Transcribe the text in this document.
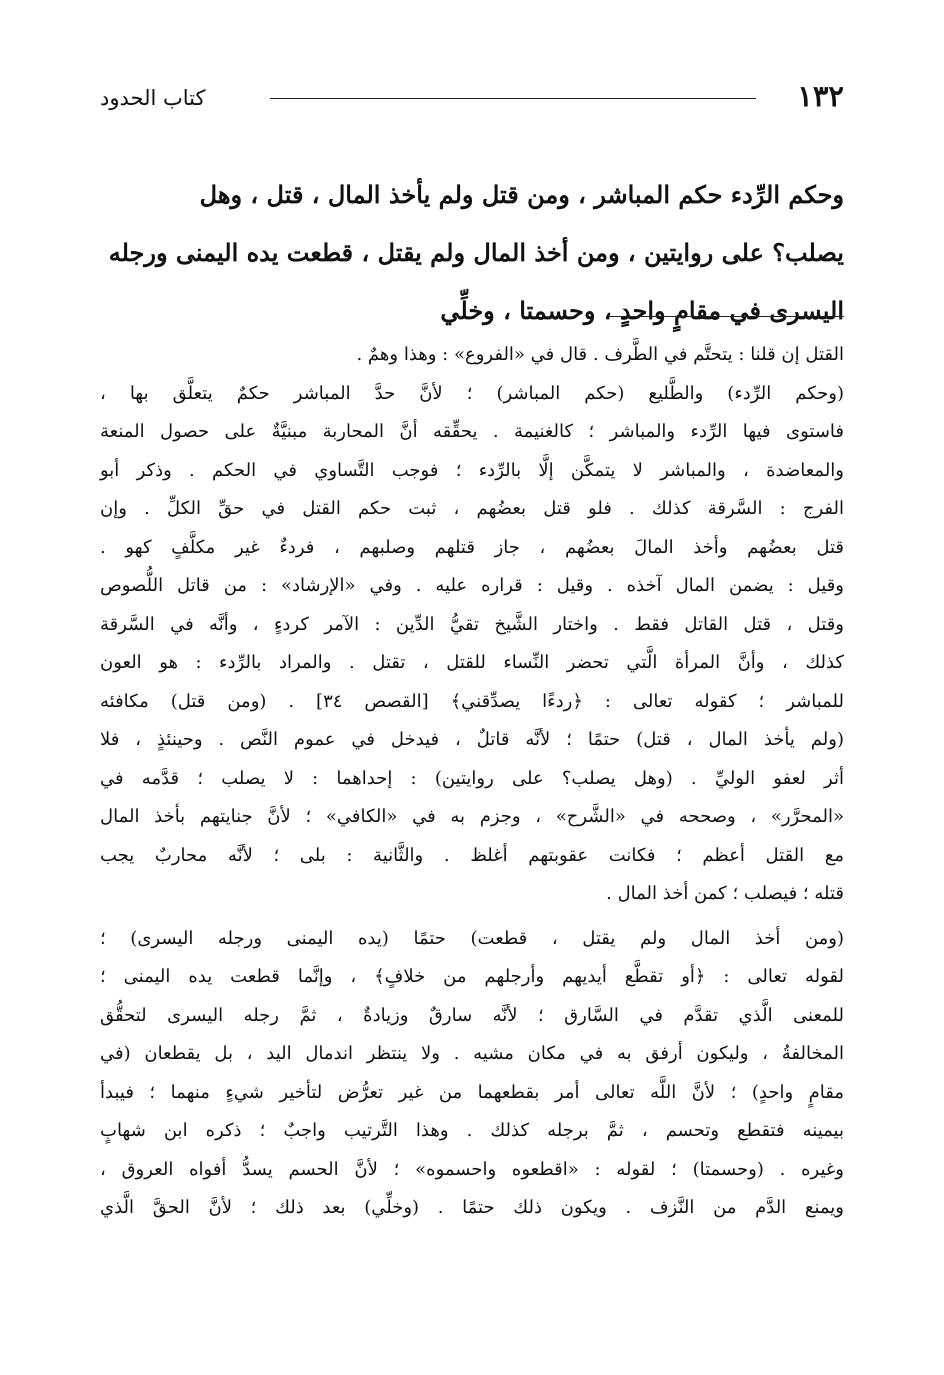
١٣٢
كتاب الحدود
وحكم الرِّدء حكم المباشر ، ومن قتل ولم يأخذ المال ، قتل ، وهل
يصلب؟ على روايتين ، ومن أخذ المال ولم يقتل ، قطعت يده اليمنى ورجله
اليسرى في مقامٍ واحدٍ ، وحسمتا ، وخلِّي
القتل إن قلنا : يتحتَّم في الطَّرف . قال في «الفروع» : وهذا وهمٌ .
(وحكم الرِّدء) والطَّليع (حكم المباشر) ؛ لأنَّ حدَّ المباشر حكمٌ يتعلَّق بها ،
فاستوى فيها الرِّدء والمباشر ؛ كالغنيمة . يحقِّقه أنَّ المحاربة مبنيَّةٌ على حصول المنعة
والمعاضدة ، والمباشر لا يتمكَّن إلَّا بالرِّدء ؛ فوجب التَّساوي في الحكم . وذكر أبو
الفرج : السَّرقة كذلك . فلو قتل بعضُهم ، ثبت حكم القتل في حقِّ الكلِّ . وإن
قتل بعضُهم وأخذ المالَ بعضُهم ، جاز قتلهم وصلبهم ، فردءٌ غير مكلَّفٍ كهو .
وقيل : يضمن المال آخذه . وقيل : قراره عليه . وفي «الإرشاد» : من قاتل اللُّصوص
وقتل ، قتل القاتل فقط . واختار الشَّيخ تقيُّ الدِّين : الآمر كردءٍ ، وأنَّه في السَّرقة
كذلك ، وأنَّ المرأة الَّتي تحضر النِّساء للقتل ، تقتل . والمراد بالرِّدء : هو العون
للمباشر ؛ كقوله تعالى : ﴿ردءًا يصدِّقني﴾ [القصص ٣٤] . (ومن قتل) مكافئه
(ولم يأخذ المال ، قتل) حتمًا ؛ لأنَّه قاتلٌ ، فيدخل في عموم النَّص . وحينئذٍ ، فلا
أثر لعفو الوليِّ . (وهل يصلب؟ على روايتين) : إحداهما : لا يصلب ؛ قدَّمه في
«المحرَّر» ، وصححه في «الشَّرح» ، وجزم به في «الكافي» ؛ لأنَّ جنايتهم بأخذ المال
مع القتل أعظم ؛ فكانت عقوبتهم أغلظ . والثَّانية : بلى ؛ لأنَّه محاربٌ يجب
قتله ؛ فيصلب ؛ كمن أخذ المال .
(ومن أخذ المال ولم يقتل ، قطعت) حتمًا (يده اليمنى ورجله اليسرى) ؛
لقوله تعالى : ﴿أو تقطَّع أيديهم وأرجلهم من خلافٍ﴾ ، وإنَّما قطعت يده اليمنى ؛
للمعنى الَّذي تقدَّم في السَّارق ؛ لأنَّه سارقٌ وزيادةٌ ، ثمَّ رجله اليسرى لتحقُّق
المخالفةُ ، وليكون أرفق به في مكان مشيه . ولا ينتظر اندمال اليد ، بل يقطعان (في
مقامٍ واحدٍ) ؛ لأنَّ اللَّه تعالى أمر بقطعهما من غير تعرُّض لتأخير شيءٍ منهما ؛ فيبدأ
بيمينه فتقطع وتحسم ، ثمَّ برجله كذلك . وهذا التَّرتيب واجبٌ ؛ ذكره ابن شهابٍ
وغيره . (وحسمتا) ؛ لقوله : «اقطعوه واحسموه» ؛ لأنَّ الحسم يسدُّ أفواه العروق ،
ويمنع الدَّم من النَّزف . ويكون ذلك حتمًا . (وخلِّي) بعد ذلك ؛ لأنَّ الحقَّ الَّذي
